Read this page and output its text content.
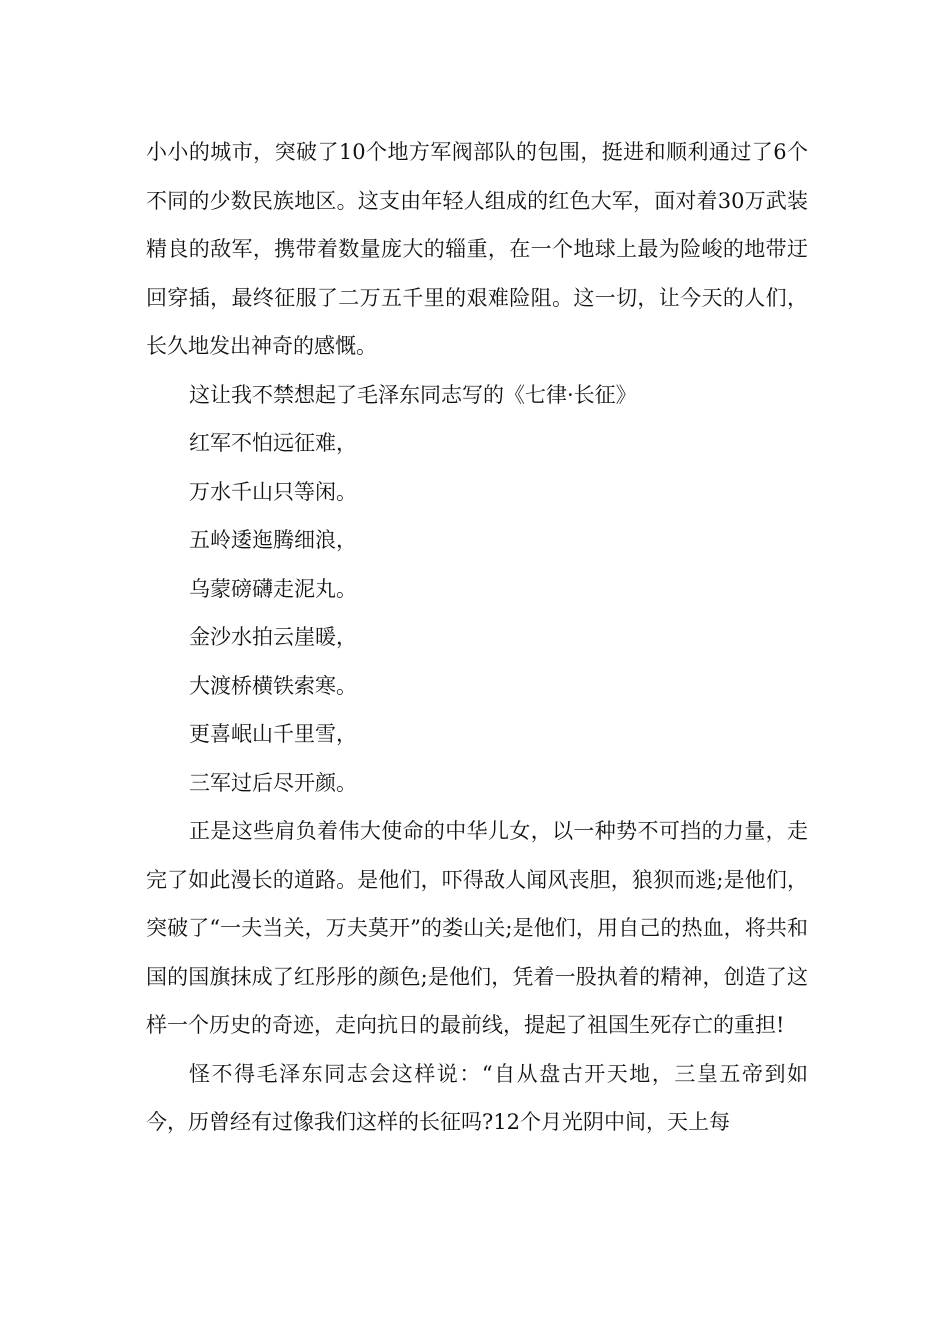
小小的城市，突破了10个地方军阀部队的包围，挺进和顺利通过了6个不同的少数民族地区。这支由年轻人组成的红色大军，面对着30万武装精良的敌军，携带着数量庞大的辎重，在一个地球上最为险峻的地带迂回穿插，最终征服了二万五千里的艰难险阻。这一切，让今天的人们，长久地发出神奇的感慨。

这让我不禁想起了毛泽东同志写的《七律·长征》

红军不怕远征难，

万水千山只等闲。

五岭逶迤腾细浪，

乌蒙磅礴走泥丸。

金沙水拍云崖暖，

大渡桥横铁索寒。

更喜岷山千里雪，

三军过后尽开颜。

正是这些肩负着伟大使命的中华儿女，以一种势不可挡的力量，走完了如此漫长的道路。是他们，吓得敌人闻风丧胆，狼狈而逃;是他们，突破了“一夫当关，万夫莫开”的娄山关;是他们，用自己的热血，将共和国的国旗抹成了红彤彤的颜色;是他们，凭着一股执着的精神，创造了这样一个历史的奇迹，走向抗日的最前线，提起了祖国生死存亡的重担!

怪不得毛泽东同志会这样说：“自从盘古开天地，三皇五帝到如今，历曾经有过像我们这样的长征吗?12个月光阴中间，天上每
